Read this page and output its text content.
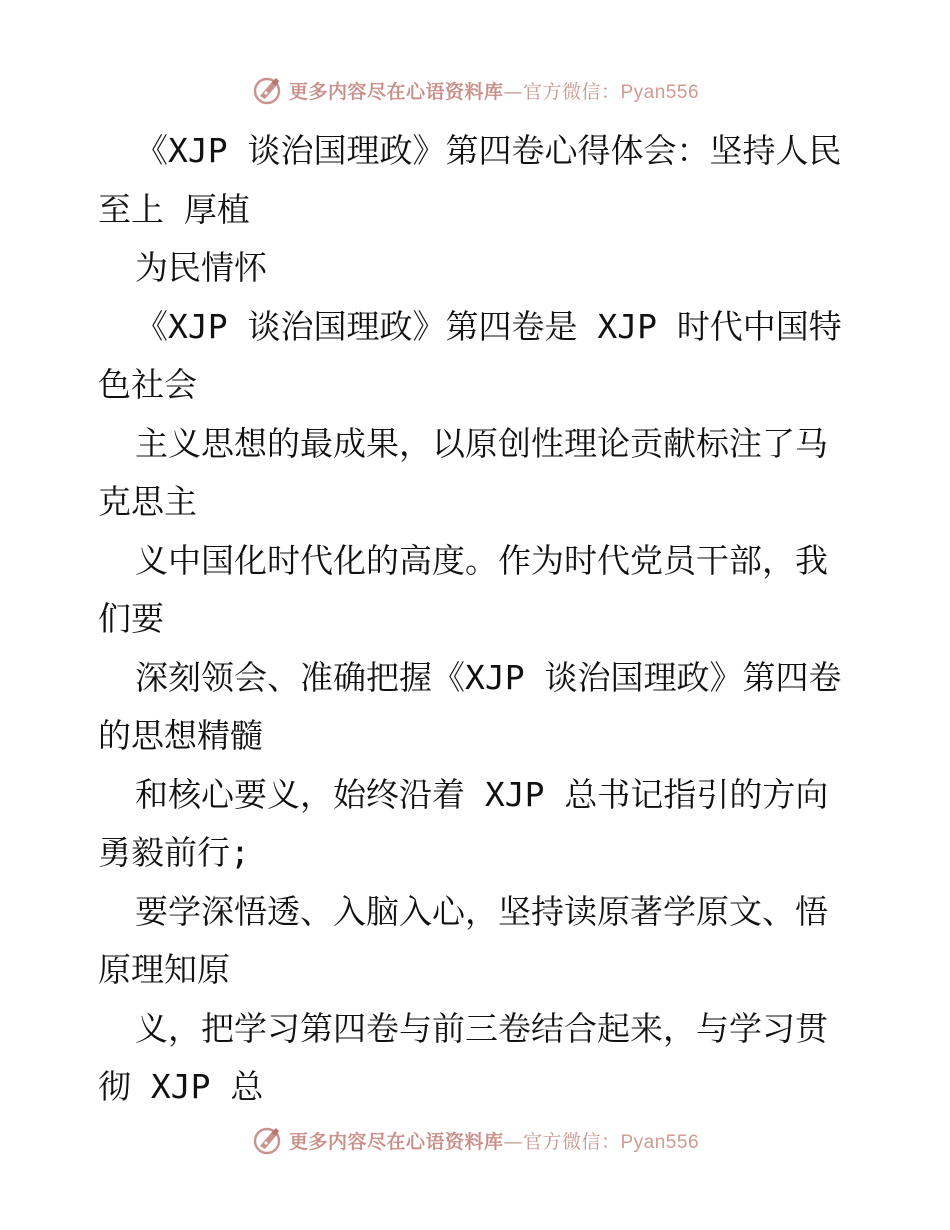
更多内容尽在心语资料库—官方微信：Pyan556
《XJP 谈治国理政》第四卷心得体会：坚持人民
至上 厚植
为民情怀
《XJP 谈治国理政》第四卷是 XJP 时代中国特
色社会
主义思想的最成果，以原创性理论贡献标注了马
克思主
义中国化时代化的高度。作为时代党员干部，我
们要
深刻领会、准确把握《XJP 谈治国理政》第四卷
的思想精髓
和核心要义，始终沿着 XJP 总书记指引的方向
勇毅前行;
要学深悟透、入脑入心，坚持读原著学原文、悟
原理知原
义，把学习第四卷与前三卷结合起来，与学习贯
彻 XJP 总
更多内容尽在心语资料库—官方微信：Pyan556
